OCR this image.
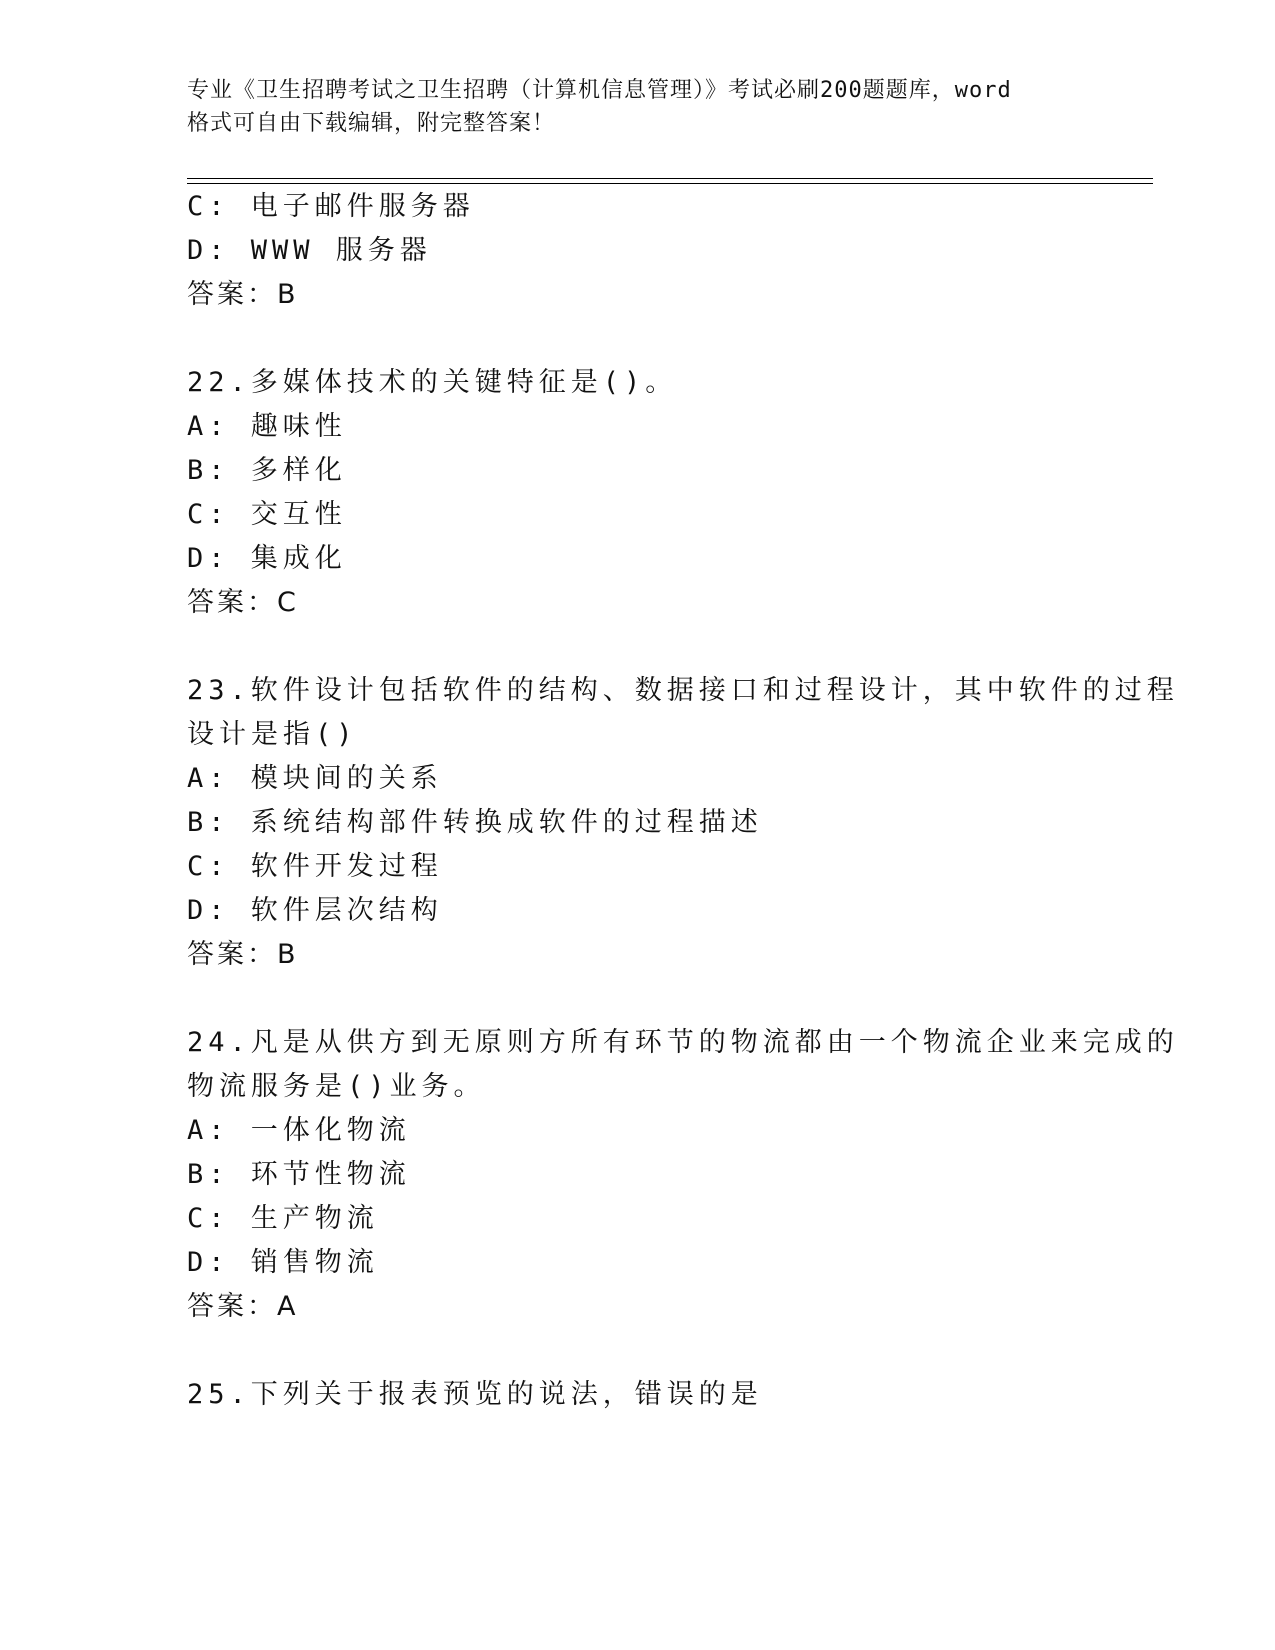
专业《卫生招聘考试之卫生招聘（计算机信息管理）》考试必刷200题题库，word
格式可自由下载编辑，附完整答案！
C: 电子邮件服务器
D: WWW 服务器
答案：B
22.多媒体技术的关键特征是()。
A: 趣味性
B: 多样化
C: 交互性
D: 集成化
答案：C
23.软件设计包括软件的结构、数据接口和过程设计，其中软件的过程
设计是指()
A: 模块间的关系
B: 系统结构部件转换成软件的过程描述
C: 软件开发过程
D: 软件层次结构
答案：B
24.凡是从供方到无原则方所有环节的物流都由一个物流企业来完成的
物流服务是()业务。
A: 一体化物流
B: 环节性物流
C: 生产物流
D: 销售物流
答案：A
25.下列关于报表预览的说法，错误的是
